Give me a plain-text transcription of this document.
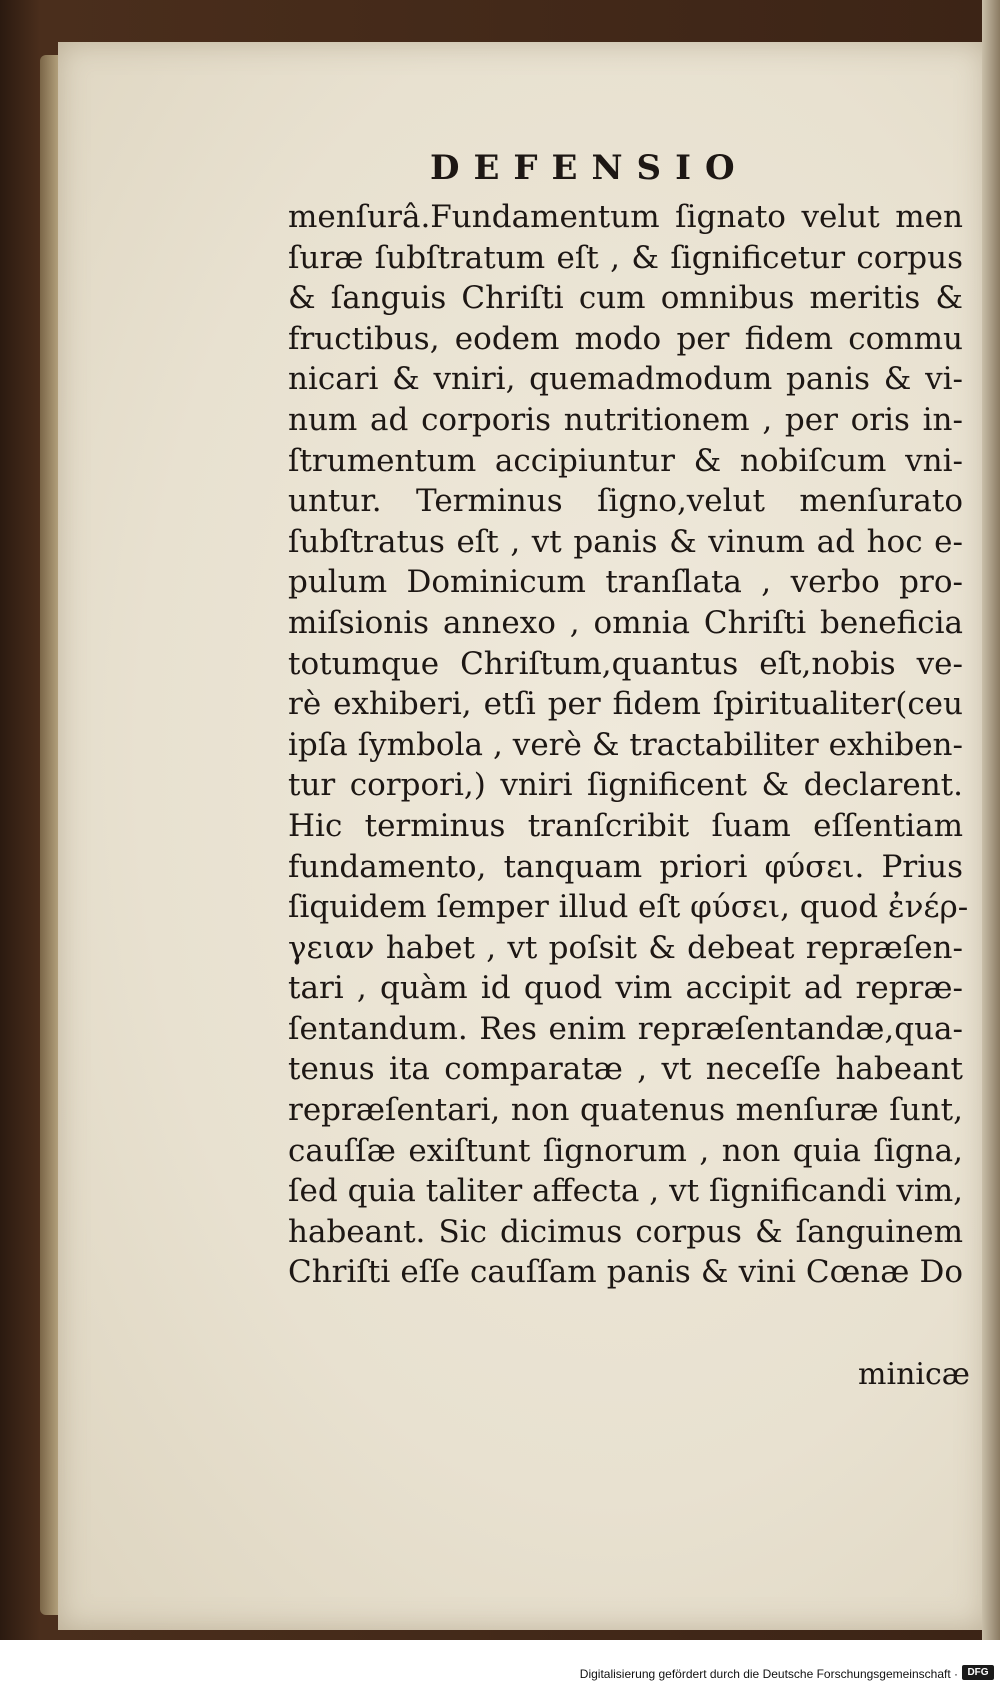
DEFENSIO
menſurâ.Fundamentum ſignato velut men
ſuræ ſubſtratum eſt , & ſignificetur corpus
& ſanguis Chriſti cum omnibus meritis &
fructibus, eodem modo per fidem commu
nicari & vniri, quemadmodum panis & vi-
num ad corporis nutritionem , per oris in-
ſtrumentum accipiuntur & nobiſcum vni-
untur. Terminus ſigno,velut menſurato
ſubſtratus eſt , vt panis & vinum ad hoc e-
pulum Dominicum tranſlata , verbo pro-
miſsionis annexo , omnia Chriſti beneficia
totumque Chriſtum,quantus eſt,nobis ve-
rè exhiberi, etſi per fidem ſpiritualiter(ceu
ipſa ſymbola , verè & tractabiliter exhiben-
tur corpori,) vniri ſignificent & declarent.
Hic terminus tranſcribit ſuam eſſentiam
fundamento, tanquam priori φύσει. Prius
ſiquidem ſemper illud eſt φύσει, quod ἐνέρ-
γειαν habet , vt poſsit & debeat repræſen-
tari , quàm id quod vim accipit ad repræ-
ſentandum. Res enim repræſentandæ,qua-
tenus ita comparatæ , vt neceſſe habeant
repræſentari, non quatenus menſuræ ſunt,
cauſſæ exiſtunt ſignorum , non quia ſigna,
ſed quia taliter affecta , vt ſignificandi vim,
habeant. Sic dicimus corpus & ſanguinem
Chriſti eſſe cauſſam panis & vini Cœnæ Do
minicæ
Digitalisierung gefördert durch die Deutsche Forschungsgemeinschaft · DFG
